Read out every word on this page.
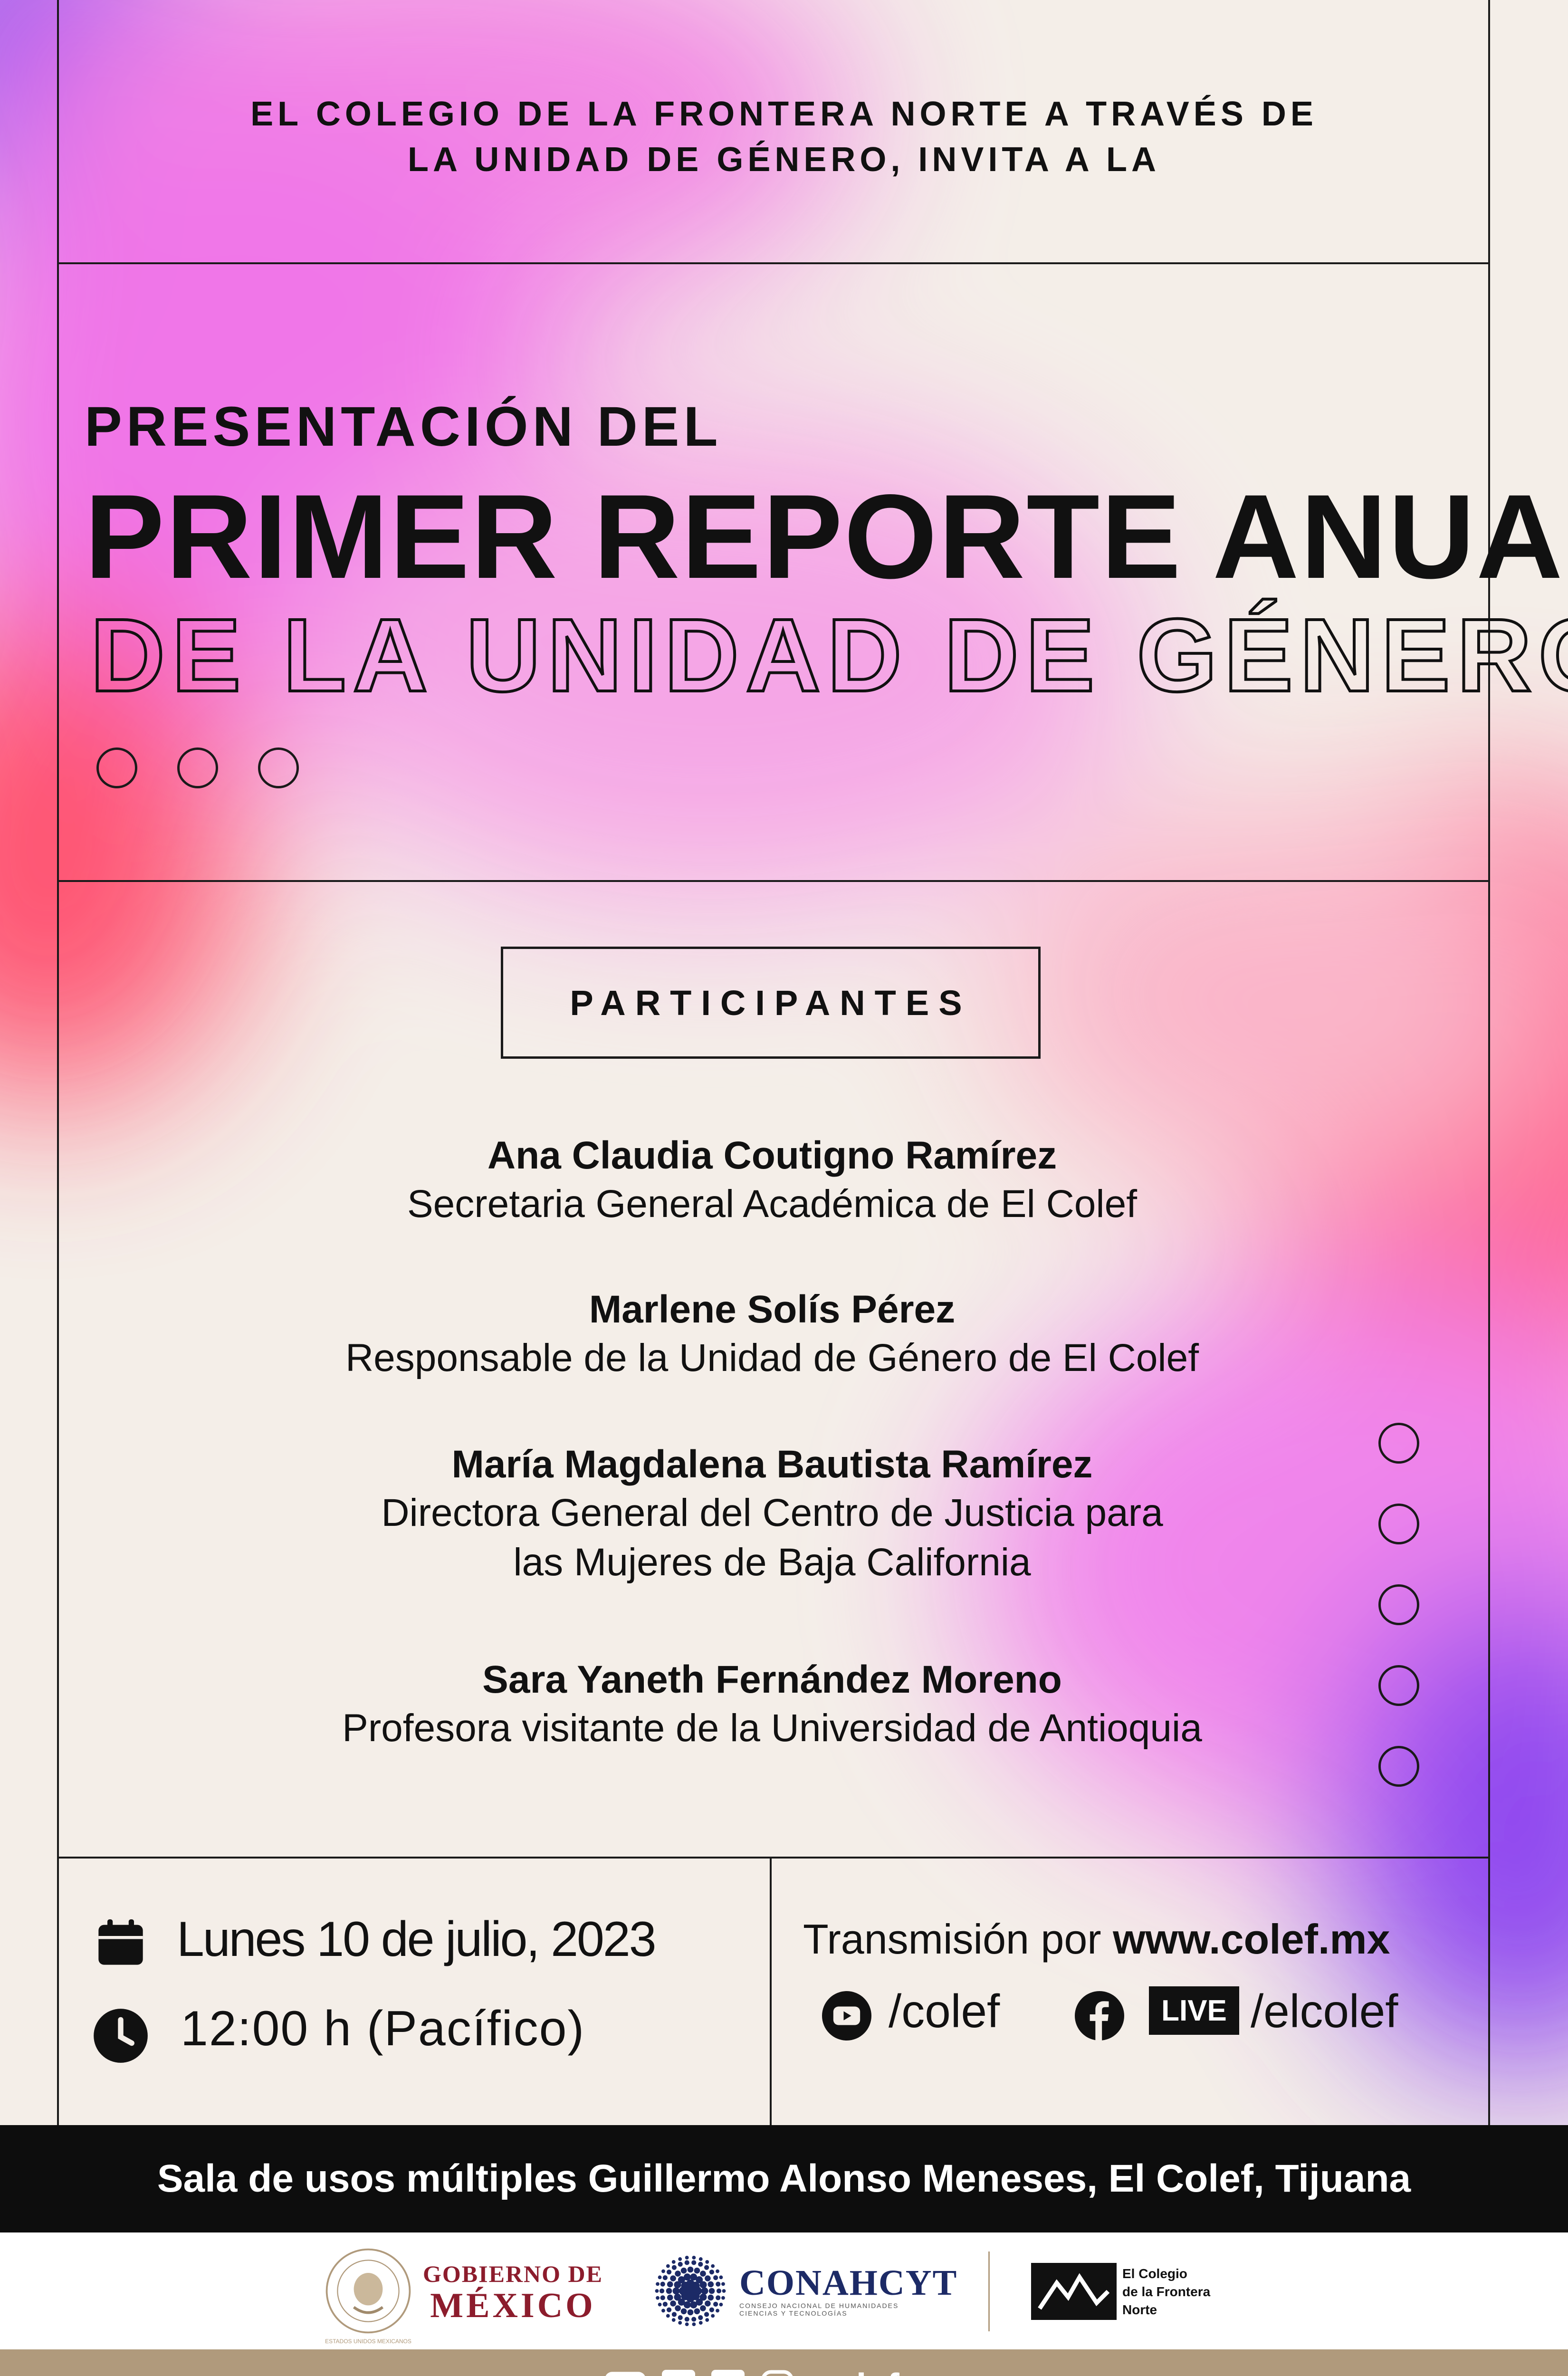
EL COLEGIO DE LA FRONTERA NORTE A TRAVÉS DE
LA UNIDAD DE GÉNERO, INVITA A LA
PRESENTACIÓN DEL
PRIMER REPORTE ANUAL
DE LA UNIDAD DE GÉNERO
PARTICIPANTES
Ana Claudia Coutigno Ramírez
Secretaria General Académica de El Colef
Marlene Solís Pérez
Responsable de la Unidad de Género de El Colef
María Magdalena Bautista Ramírez
Directora General del Centro de Justicia para
las Mujeres de Baja California
Sara Yaneth Fernández Moreno
Profesora visitante de la Universidad de Antioquia
Lunes 10 de julio, 2023
12:00 h (Pacífico)
Transmisión por www.colef.mx
/colef	LIVE /elcolef
Sala de usos múltiples Guillermo Alonso Meneses, El Colef, Tijuana
ESTADOS UNIDOS MEXICANOS
GOBIERNO DE
MÉXICO
CONAHCYT
CONSEJO NACIONAL DE HUMANIDADES
CIENCIAS Y TECNOLOGÍAS
El Colegio
de la Frontera
Norte
